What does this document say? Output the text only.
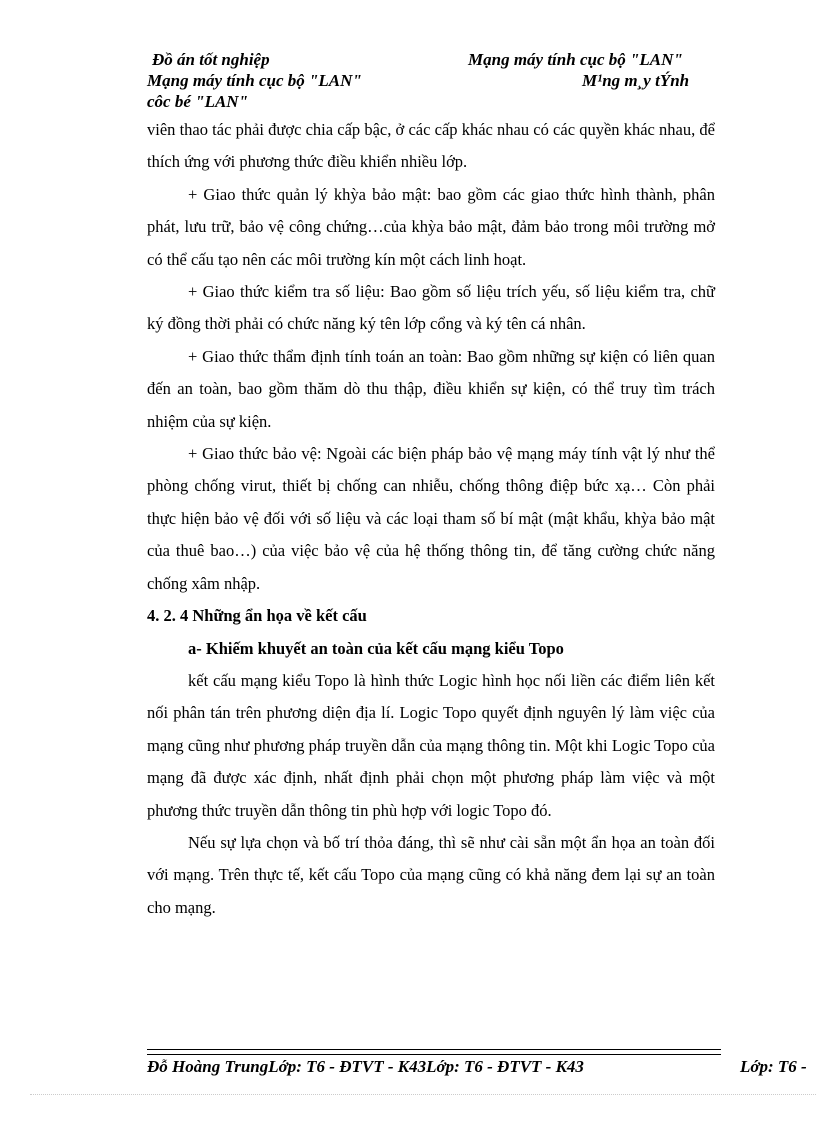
Đồ án tốt nghiệp	Mạng máy tính cục bộ "LAN"
Mạng máy tính cục bộ "LAN"	M¹ng m¸y tÝnh
côc bé "LAN"

viên thao tác phải được chia cấp bậc, ở các cấp khác nhau có các quyền khác nhau, để thích ứng với phương thức điều khiển nhiều lớp.

+ Giao thức quản lý khỳa bảo mật: bao gồm các giao thức hình thành, phân phát, lưu trữ, bảo vệ công chứng…của khỳa bảo mật, đảm bảo trong môi trường mở có thể cấu tạo nên các môi trường kín một cách linh hoạt.

+ Giao thức kiểm tra số liệu: Bao gồm số liệu trích yếu, số liệu kiểm tra, chữ ký đồng thời phải có chức năng ký tên lớp cổng và ký tên cá nhân.

+ Giao thức thẩm định tính toán an toàn: Bao gồm những sự kiện có liên quan đến an toàn, bao gồm thăm dò thu thập, điều khiển sự kiện, có thể truy tìm trách nhiệm của sự kiện.

+ Giao thức bảo vệ: Ngoài các biện pháp bảo vệ mạng máy tính vật lý như thể phòng chống virut, thiết bị chống can nhiễu, chống thông điệp bức xạ… Còn phải thực hiện bảo vệ đối với số liệu và các loại tham số bí mật (mật khẩu, khỳa bảo mật của thuê bao…) của việc bảo vệ của hệ thống thông tin, để tăng cường chức năng chống xâm nhập.

4. 2. 4 Những ẩn họa về kết cấu

a- Khiếm khuyết an toàn của kết cấu mạng kiểu Topo

kết cấu mạng kiểu Topo là hình thức Logic hình học nối liền các điểm liên kết nối phân tán trên phương diện địa lí. Logic Topo quyết định nguyên lý làm việc của mạng cũng như phương pháp truyền dẫn của mạng thông tin. Một khi Logic Topo của mạng đã được xác định, nhất định phải chọn một phương pháp làm việc và một phương thức truyền dẫn thông tin phù hợp với logic Topo đó.

Nếu sự lựa chọn và bố trí thỏa đáng, thì sẽ như cài sẵn một ẩn họa an toàn đối với mạng. Trên thực tế, kết cấu Topo của mạng cũng có khả năng đem lại sự an toàn cho mạng.

Đỗ Hoàng TrungLớp: T6 - ĐTVT - K43Lớp: T6 - ĐTVT - K43	Lớp: T6 -
